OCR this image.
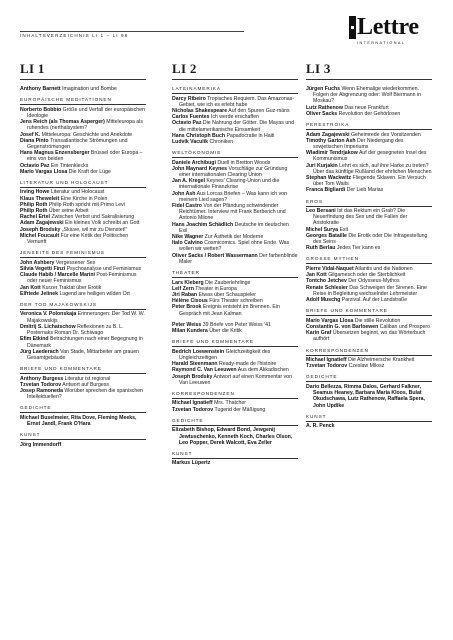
INHALTSVERZEICHNIS LI 1 – LI 98	Lettre
INTERNATIONAL
LI 1
Anthony Barnett Imagination und Bombe
EUROPÄISCHE MEDITATIONEN
Norberto Bobbio Größe und Verfall der europäischen Ideologie
Jens Reich (als Thomas Asperger) Mitteleuropa als ruhendes (nerthalsystem?
Josef K. Mitteleuropa: Geschichte und Anekdote
Diana Pinto Transatlantische Strömungen und Gegenströmungen
Hans Magnus Enzensberger Brüssel oder Europa – eins von beiden
Octavio Paz Ein Tintenklecks
Mario Vargas Llosa Die Kraft der Lüge
LITERATUR UND HOLOCAUST
Irving Howe Literatur und Holocaust
Klaus Theweleit Eine Kirche in Polen
Philip Roth Philip Roth spricht mit Primo Levi
Philip Roth Über seine Arbeit
Rachel Ertel Zwischen Verbot und Sakralisierung
Adam Zagajewski Ein kleines Volk schreibt an Gott
Joseph Brodsky „Skiuve, wil mir zu Dienstet!"
Michel Foucault Für eine Kritik der Politischen Vernunft
JENSEITS DES FEMINISMUS
John Ashbery Vergessener Sex
Silvia Vegetti Finzi Psychoanalyse und Feminismus
Claude Habib / Marcelle Marini Post-Feminismus oder neuer Feminismus
Jan Kott Kurzer Traktat über Erotik
Elfriede Jelinek Lugend are heiligen wilden Ort
DER TOD MAJAKOWSKIJS
Veronica V. Polonskaja Erinnerungen: Der Tod W. W. Majakowskijs
Dmitrij S. Lichatschow Reflexionen zu B. L. Posternaks Roman Dr. Schiwago
Efim Etkind Betrachtungen nach einer Begegnung in Dänemark
Jürg Laederach Van Stade, Mittarbeiter am grauen Gesamtgebäude
BRIEFE UND KOMMENTARE
Anthony Burgess Literatur ist regional
Tzvetan Todorov Antwort auf Burgess
Josep Ramoneda Worüber sprechen die spanischen Intellektuellen?
GEDICHTE
Michael Buselmeier, Rita Dove, Fleming Meeks, Ernst Jandl, Frank O'Hara
KUNST
Jörg Immendorff
LI 2
LATEINAMERIKA
Darcy Ribeiro Tropisches Requiem. Das Amazonas-Gebiet, wie ich es erlebt habe
Nicholas Shakespeare Auf den Spuren Guz-máns
Carlos Fuentes Ich werde erschaffen
Octavio Paz Die Nahrung der Götter. Die Mayas und die mittelamerikanische Einsamkeit
Hans Christoph Buch Papadocratie in Haiti
Ludvík Vaculík Chroniken
WELTÖKONOMIE
Daniele Archibugi Duell in Bretton Woods
John Maynard Keynes Vorschläge zur Gründung einer internationalen Clearing Union
Jan A. Kregel Keynes' Clearing-Union und die internationale Finanzkrise
John Ash Aus Lorcas Briefen – Was kann ich von meinem Lied sagen?
Fidel Castro Von der Pfändung schwindender Reichtümer. Interview mit Frank Berberich und Antonio Milone
Hans Joachim Schädlich Deutsche im deutschen Exil
Nike Wagner Zur Ästhetik der Moderne
Italo Calvino Cosmicomics. Spiel ohne Ende. Was wollen wir wetten?
Oliver Sacks / Robert Wassermann Der farbenblinde Maler
THEATER
Lars Kleberg Die Zauberlehrlinge
Leif Zern Theater in Europa
Jiri Raban Etwas über Schauspieler
Hélène Cixous Fürs Theater schreiben
Peter Brook Ereignis entsteht im Brennen. Ein Gespräch mit Jean Kalman
Peter Weiss 39 Briefe von Peter Weiss '41
Milan Kundera Über die Kritik
BRIEFE UND KOMMENTARE
Bedrich Loewenstein Gleichzeitigkeit des Ungleichzeitigen
Harald Steenmann Ready-made de l'histoire
Raymond C. Van Leeuwen Aus dem Akkadischen
Joseph Brodsky Antwort auf einen Kommentar von Van Leeuwen
KORRESPONDENZEN
Michael Ignatieff Mrs. Thatcher
Tzvetan Todorov Tugend der Mäßigung
GEDICHTE
Elizabeth Bishop, Edward Bond, Jewgenij Jewtuschenko, Kenneth Koch, Charles Olson, Leo Popper, Derek Walcott, Eva Zeller
KUNST
Markus Lüpertz
LI 3
Jürgen Fuchs Wenn Ehemalige wiederkommen. Folgen der Abgrenzung oder: Wolf Biermann in Moskau?
Lutz Rathenow Das neue Frankfurt
Oliver Sacks Revolution der Gehörlosen
PERESTROIKA
Adam Zagajewski Geheimrede des Vorsitzenden
Timothy Garton Ash Der Niedergang des sowjetischen Imperiums
Wladimir Tendrjakow Auf der gesegneten Insel des Kommunismus
Juri Kurjakin Lehrt es sich, auf ihre Harke zu treten?Über das künftige Rußland der ehrlichen Menschen
Stephan Wackwitz Fliegende Sklaven. Ein Versuch über Tom Waits
Franca Bigliardi Der Lieb Marias
EROS
Leo Bersani Ist das Rektum ein Grab? Die Neuerfindung des Sex und die Fallen der Aristokratie
Michel Surya Exit
Georges Bataille Die Erotik oder Die Infragestellung des Seins
Ruth Berlau Jedes Tier kann es
GROSSE MYTHEN
Pierre Vidal-Naquet Atlantis und die Nationen
Jan Kott Gilgamesch oder die Sterblichkeit
Tontcho Jetchev Der Odysseus-Mythos
Renate Schlesier Das Schweigen der Sirenen. Eine Reise in Begleitung wechselnder Lehrmeister
Adolf Muschg Parzival. Auf der Landstraße
BRIEFE UND KOMMENTARE
Mario Vargas Llosa Die stille Revolution
Constantin G. von Barloewen Caliban und Prospero
Karin Graf Übersetzen beginnt, wo das Wörterbuch aufhört
KORRESPONDENZEN
Michael Ignatieff Die Alzheimersche Krankheit
Tzvetan Todorov Czeslaw Milosz
GEDICHTE
Dario Bellezza, Rimma Dalos, Gerhard Falkner, Seamus Heaney, Barbara Maria Kloos, Bulat Okudschawa, Lutz Rathenow, Raffaela Spera, John Updike
KUNST
A. R. Penck
